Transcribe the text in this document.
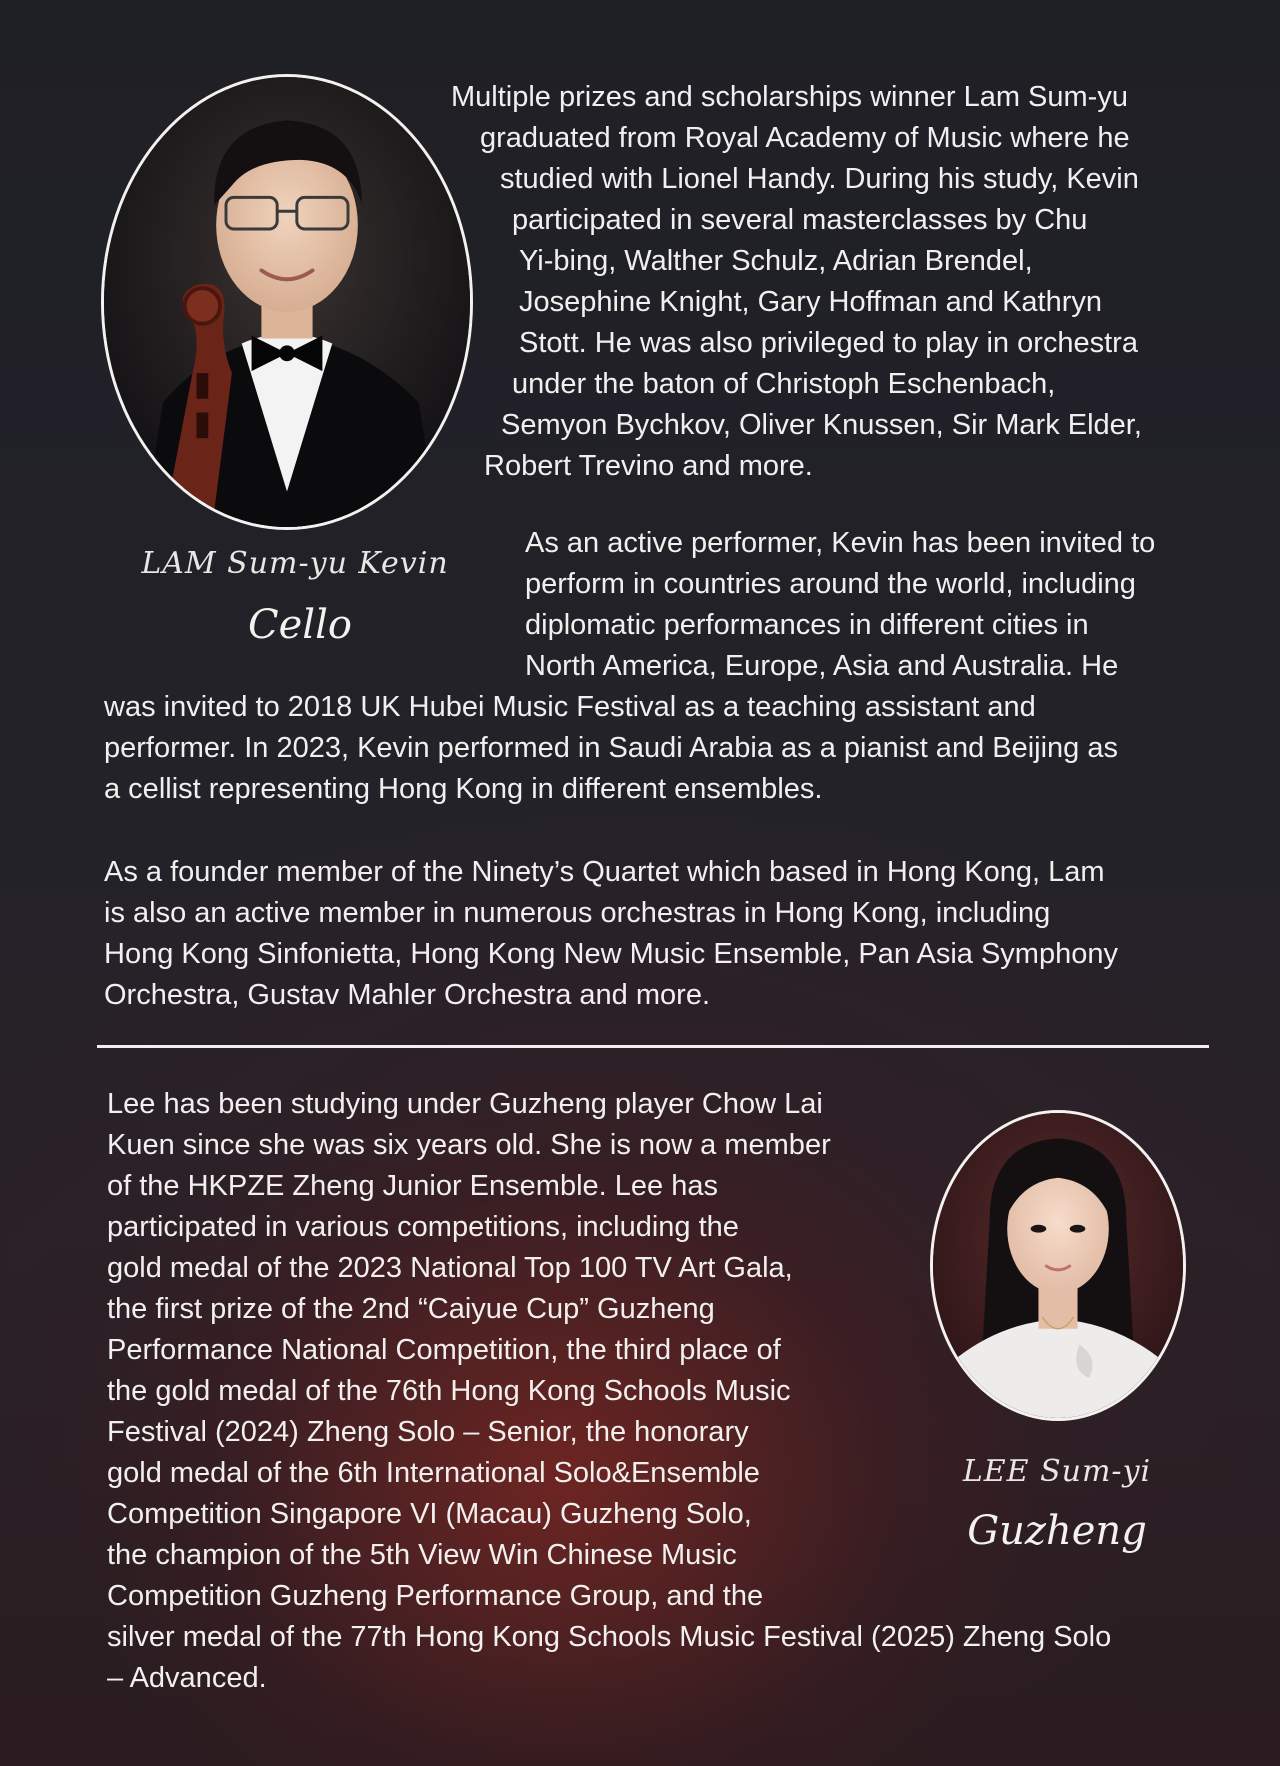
LAM Sum-yu Kevin
Cello
Multiple prizes and scholarships winner Lam Sum-yu
graduated from Royal Academy of Music where he
studied with Lionel Handy. During his study, Kevin
participated in several masterclasses by Chu
Yi-bing, Walther Schulz, Adrian Brendel,
Josephine Knight, Gary Hoffman and Kathryn
Stott. He was also privileged to play in orchestra
under the baton of Christoph Eschenbach,
Semyon Bychkov, Oliver Knussen, Sir Mark Elder,
Robert Trevino and more.
As an active performer, Kevin has been invited to
perform in countries around the world, including
diplomatic performances in different cities in
North America, Europe, Asia and Australia. He
was invited to 2018 UK Hubei Music Festival as a teaching assistant and
performer. In 2023, Kevin performed in Saudi Arabia as a pianist and Beijing as
a cellist representing Hong Kong in different ensembles.
As a founder member of the Ninety’s Quartet which based in Hong Kong, Lam
is also an active member in numerous orchestras in Hong Kong, including
Hong Kong Sinfonietta, Hong Kong New Music Ensemble, Pan Asia Symphony
Orchestra, Gustav Mahler Orchestra and more.
Lee has been studying under Guzheng player Chow Lai
Kuen since she was six years old. She is now a member
of the HKPZE Zheng Junior Ensemble. Lee has
participated in various competitions, including the
gold medal of the 2023 National Top 100 TV Art Gala,
the first prize of the 2nd “Caiyue Cup” Guzheng
Performance National Competition, the third place of
the gold medal of the 76th Hong Kong Schools Music
Festival (2024) Zheng Solo – Senior, the honorary
gold medal of the 6th International Solo&Ensemble
Competition Singapore VI (Macau) Guzheng Solo,
the champion of the 5th View Win Chinese Music
Competition Guzheng Performance Group, and the
silver medal of the 77th Hong Kong Schools Music Festival (2025) Zheng Solo
– Advanced.
LEE Sum-yi
Guzheng
